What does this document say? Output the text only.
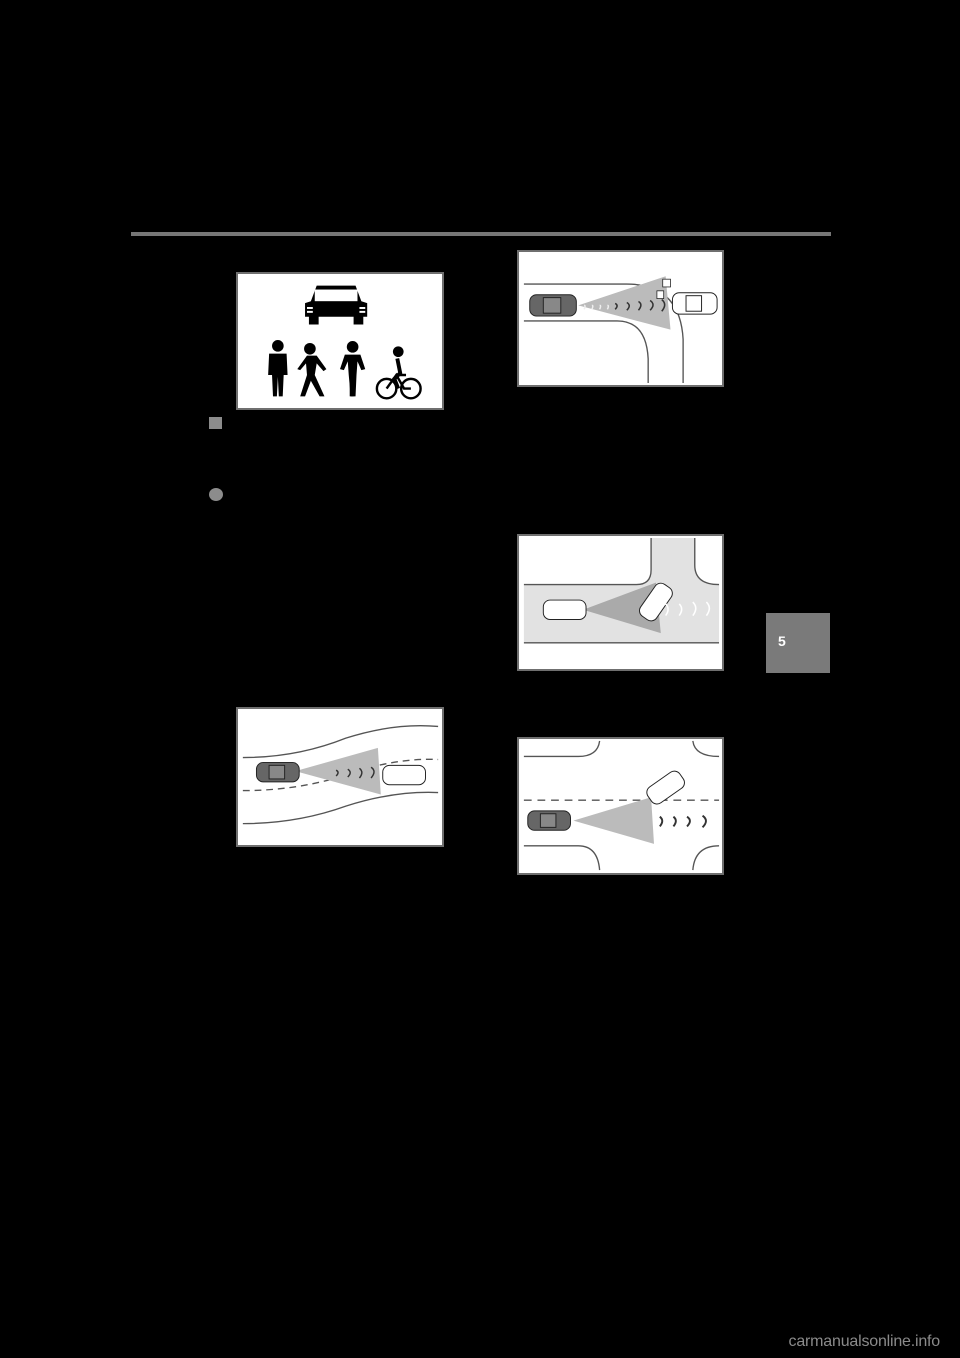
5
carmanualsonline.info
